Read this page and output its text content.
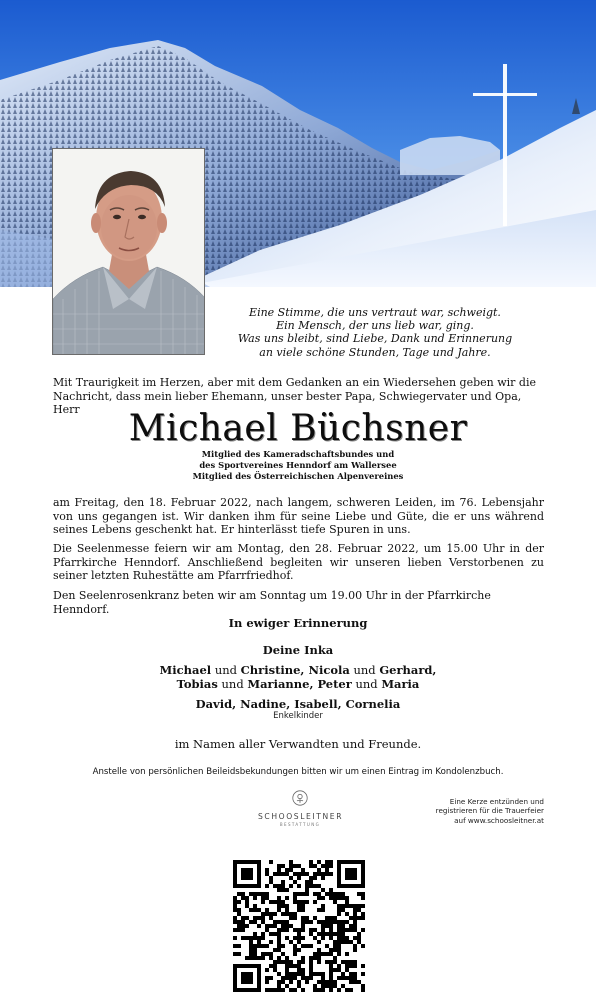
Eine Stimme, die uns vertraut war, schweigt.
Ein Mensch, der uns lieb war, ging.
Was uns bleibt, sind Liebe, Dank und Erinnerung
an viele schöne Stunden, Tage und Jahre.
Mit Traurigkeit im Herzen, aber mit dem Gedanken an ein Wiedersehen geben wir die Nachricht, dass mein lieber Ehemann, unser bester Papa, Schwiegervater und Opa, Herr	Michael Büchsner
Mitglied des Kameradschaftsbundes und
des Sportvereines Henndorf am Wallersee
Mitglied des Österreichischen Alpenvereines
am Freitag, den 18. Februar 2022, nach langem, schweren Leiden, im 76. Lebensjahr von uns gegangen ist. Wir danken ihm für seine Liebe und Güte, die er uns während seines Lebens geschenkt hat. Er hinterlässt tiefe Spuren in uns.
Die Seelenmesse feiern wir am Montag, den 28. Februar 2022, um 15.00 Uhr in der Pfarrkirche Henndorf. Anschließend begleiten wir unseren lieben Verstorbenen zu seiner letzten Ruhestätte am Pfarrfriedhof.
Den Seelenrosenkranz beten wir am Sonntag um 19.00 Uhr in der Pfarrkirche Henndorf.
In ewiger Erinnerung
Deine Inka
Michael und Christine, Nicola und Gerhard,
Tobias und Marianne, Peter und Maria
David, Nadine, Isabell, Cornelia
Enkelkinder
im Namen aller Verwandten und Freunde.
Anstelle von persönlichen Beileidsbekundungen bitten wir um einen Eintrag im Kondolenzbuch.
SCHOOSLEITNER
BESTATTUNG
Eine Kerze entzünden und
registrieren für die Trauerfeier
auf www.schoosleitner.at
